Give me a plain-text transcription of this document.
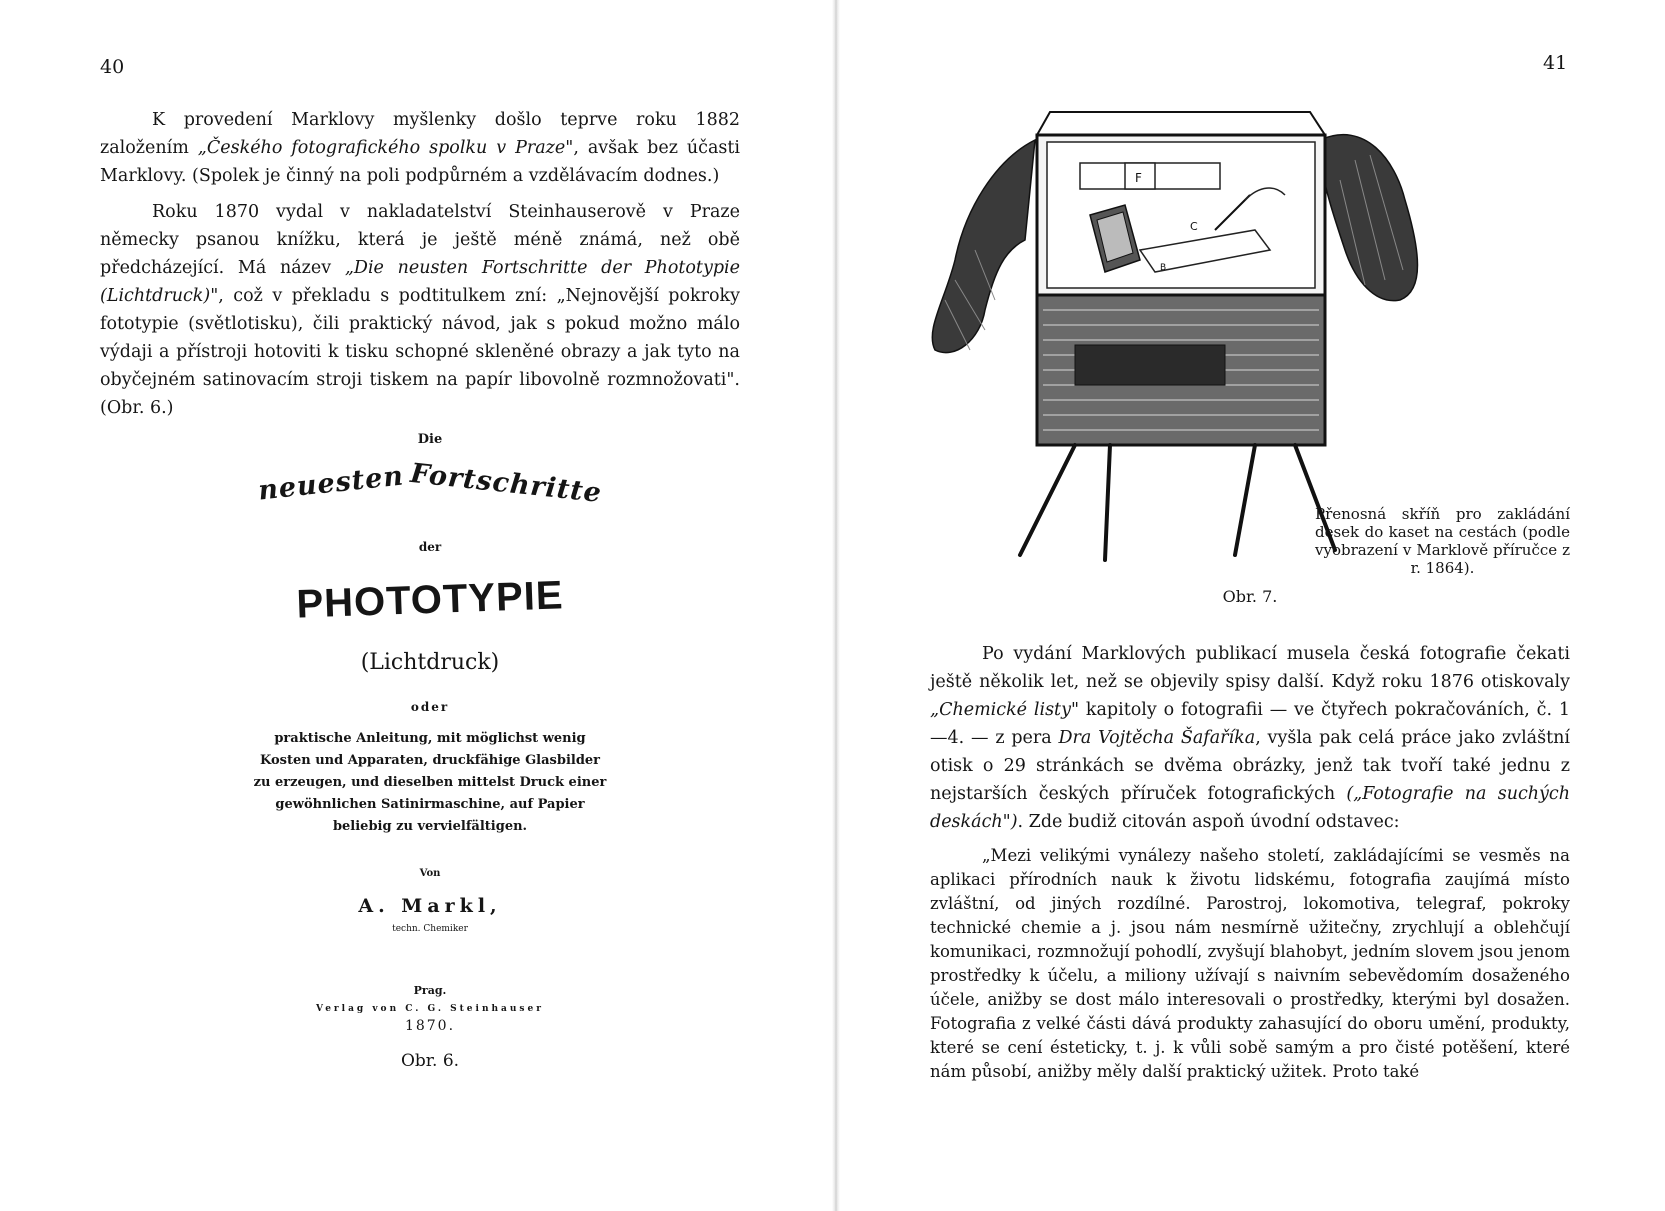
40

K provedení Marklovy myšlenky došlo teprve roku 1882 založením „Českého fotografického spolku v Praze", avšak bez účasti Marklovy. (Spolek je činný na poli podpůrném a vzdělávacím dodnes.)

Roku 1870 vydal v nakladatelství Steinhauserově v Praze německy psanou knížku, která je ještě méně známá, než obě předcházející. Má název „Die neusten Fortschritte der Phototypie (Lichtdruck)", což v překladu s podtitulkem zní: „Nejnovější pokroky fototypie (světlotisku), čili praktický návod, jak s pokud možno málo výdaji a přístroji hotoviti k tisku schopné skleněné obrazy a jak tyto na obyčejném satinovacím stroji tiskem na papír libovolně rozmnožovati". (Obr. 6.)

Die
neuesten Fortschritte
der
PHOTOTYPIE
(Lichtdruck)
oder
praktische Anleitung, mit möglichst wenig Kosten und Apparaten, druckfähige Glasbilder zu erzeugen, und dieselben mittelst Druck einer gewöhnlichen Satinirmaschine, auf Papier beliebig zu vervielfältigen.
Von
A. Markl,
techn. Chemiker
Prag.
Verlag von C. G. Steinhauser
1870.
Obr. 6.
41
F
C
B
Přenosná skříň pro zakládání desek do kaset na cestách (podle vyobrazení v Marklově příručce z r. 1864).
Obr. 7.

Po vydání Marklových publikací musela česká fotografie čekati ještě několik let, než se objevily spisy další. Když roku 1876 otiskovaly „Chemické listy" kapitoly o fotografii — ve čtyřech pokračováních, č. 1—4. — z pera Dra Vojtěcha Šafaříka, vyšla pak celá práce jako zvláštní otisk o 29 stránkách se dvěma obrázky, jenž tak tvoří také jednu z nejstarších českých příruček fotografických („Fotografie na suchých deskách"). Zde budiž citován aspoň úvodní odstavec:

„Mezi velikými vynálezy našeho století, zakládajícími se vesměs na aplikaci přírodních nauk k životu lidskému, fotografia zaujímá místo zvláštní, od jiných rozdílné. Parostroj, lokomotiva, telegraf, pokroky technické chemie a j. jsou nám nesmírně užitečny, zrychlují a oblehčují komunikaci, rozmnožují pohodlí, zvyšují blahobyt, jedním slovem jsou jenom prostředky k účelu, a miliony užívají s naivním sebevědomím dosaženého účele, anižby se dost málo interesovali o prostředky, kterými byl dosažen. Fotografia z velké části dává produkty zahasující do oboru umění, produkty, které se cení ésteticky, t. j. k vůli sobě samým a pro čisté potěšení, které nám působí, anižby měly další praktický užitek. Proto také
